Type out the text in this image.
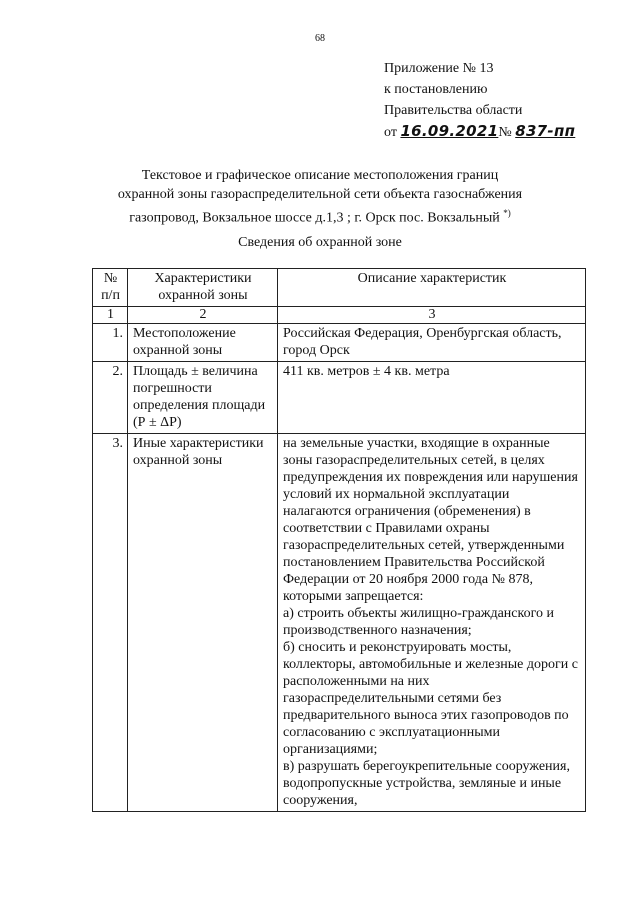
68
Приложение № 13
к постановлению
Правительства области
от 16.09.2021№ 837-пп
Текстовое и графическое описание местоположения границ
охранной зоны газораспределительной сети объекта газоснабжения
газопровод, Вокзальное шоссе д.1,3 ; г. Орск пос. Вокзальный *)
Сведения об охранной зоне
№ п/п	Характеристики охранной зоны	Описание характеристик
1	2	3
1.	Местоположение охранной зоны	Российская Федерация, Оренбургская область, город Орск
2.	Площадь ± величина погрешности определения площади (Р ± ΔР)	411 кв. метров ± 4 кв. метра
3.	Иные характеристики охранной зоны	на земельные участки, входящие в охранные зоны газораспределительных сетей, в целях предупреждения их повреждения или нарушения условий их нормальной эксплуатации налагаются ограничения (обременения) в соответствии с Правилами охраны газораспределительных сетей, утвержденными постановлением Правительства Российской Федерации от 20 ноября 2000 года № 878, которыми запрещается:

а) строить объекты жилищно-гражданского и производственного назначения;

б) сносить и реконструировать мосты, коллекторы, автомобильные и железные дороги с расположенными на них газораспределительными сетями без предварительного выноса этих газопроводов по согласованию с эксплуатационными организациями;

в) разрушать берегоукрепительные сооружения, водопропускные устройства, земляные и иные сооружения,
